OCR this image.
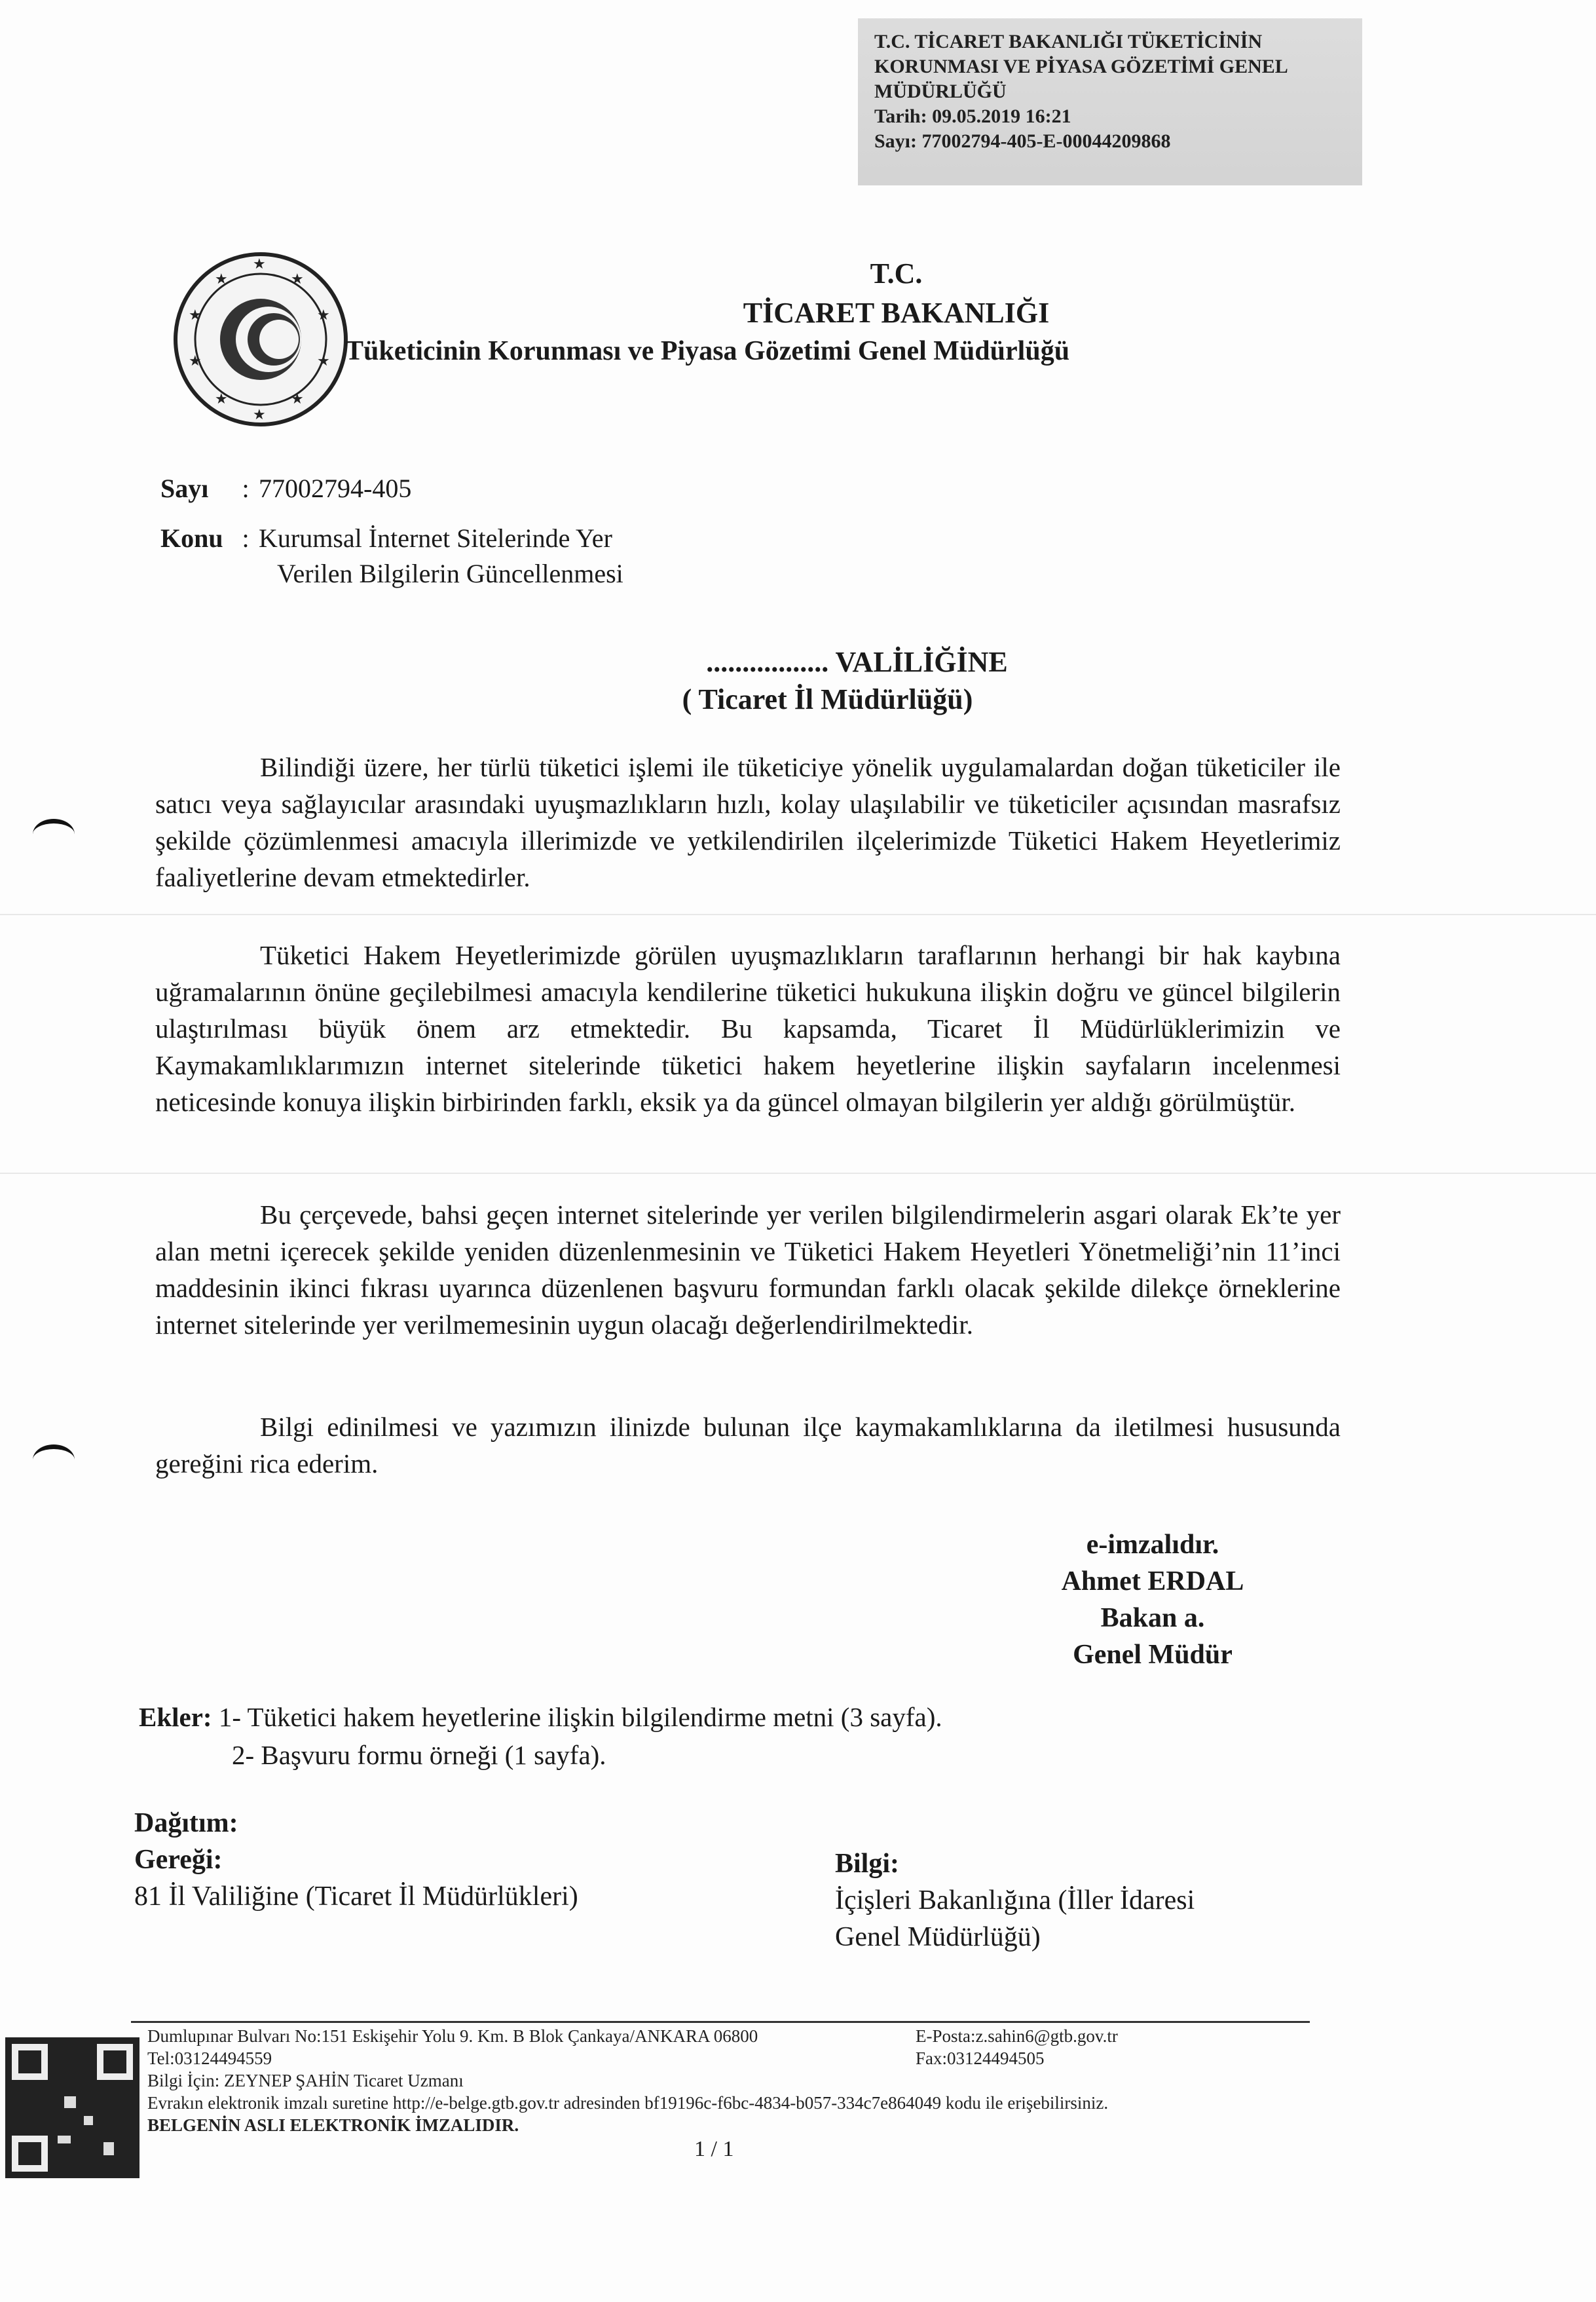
T.C. TİCARET BAKANLIĞI TÜKETİCİNİN
KORUNMASI VE PİYASA GÖZETİMİ GENEL
MÜDÜRLÜĞÜ
Tarih: 09.05.2019 16:21
Sayı: 77002794-405-E-00044209868
★
★	★
★	★
★	★
★	★
★
T.C.
TİCARET BAKANLIĞI
Tüketicinin Korunması ve Piyasa Gözetimi Genel Müdürlüğü
Sayı : 77002794-405
Konu : Kurumsal İnternet Sitelerinde Yer
Verilen Bilgilerin Güncellenmesi
................. VALİLİĞİNE
( Ticaret İl Müdürlüğü)
Bilindiği üzere, her türlü tüketici işlemi ile tüketiciye yönelik uygulamalardan doğan tüketiciler ile satıcı veya sağlayıcılar arasındaki uyuşmazlıkların hızlı, kolay ulaşılabilir ve tüketiciler açısından masrafsız şekilde çözümlenmesi amacıyla illerimizde ve yetkilendirilen ilçelerimizde Tüketici Hakem Heyetlerimiz faaliyetlerine devam etmektedirler.
Tüketici Hakem Heyetlerimizde görülen uyuşmazlıkların taraflarının herhangi bir hak kaybına uğramalarının önüne geçilebilmesi amacıyla kendilerine tüketici hukukuna ilişkin doğru ve güncel bilgilerin ulaştırılması büyük önem arz etmektedir. Bu kapsamda, Ticaret İl Müdürlüklerimizin ve Kaymakamlıklarımızın internet sitelerinde tüketici hakem heyetlerine ilişkin sayfaların incelenmesi neticesinde konuya ilişkin birbirinden farklı, eksik ya da güncel olmayan bilgilerin yer aldığı görülmüştür.
Bu çerçevede, bahsi geçen internet sitelerinde yer verilen bilgilendirmelerin asgari olarak Ek’te yer alan metni içerecek şekilde yeniden düzenlenmesinin ve Tüketici Hakem Heyetleri Yönetmeliği’nin 11’inci maddesinin ikinci fıkrası uyarınca düzenlenen başvuru formundan farklı olacak şekilde dilekçe örneklerine internet sitelerinde yer verilmemesinin uygun olacağı değerlendirilmektedir.
Bilgi edinilmesi ve yazımızın ilinizde bulunan ilçe kaymakamlıklarına da iletilmesi hususunda gereğini rica ederim.
e-imzalıdır.
Ahmet ERDAL
Bakan a.
Genel Müdür
Ekler: 1- Tüketici hakem heyetlerine ilişkin bilgilendirme metni (3 sayfa).
2- Başvuru formu örneği (1 sayfa).
Dağıtım:
Gereği:
81 İl Valiliğine (Ticaret İl Müdürlükleri)
Bilgi:
İçişleri Bakanlığına (İller İdaresi
Genel Müdürlüğü)
Dumlupınar Bulvarı No:151 Eskişehir Yolu 9. Km. B Blok Çankaya/ANKARA 06800
Tel:03124494559
Bilgi İçin: ZEYNEP ŞAHİN Ticaret Uzmanı
Evrakın elektronik imzalı suretine http://e-belge.gtb.gov.tr adresinden bf19196c-f6bc-4834-b057-334c7e864049 kodu ile erişebilirsiniz.
BELGENİN ASLI ELEKTRONİK İMZALIDIR.
E-Posta:z.sahin6@gtb.gov.tr
Fax:03124494505
1 / 1
